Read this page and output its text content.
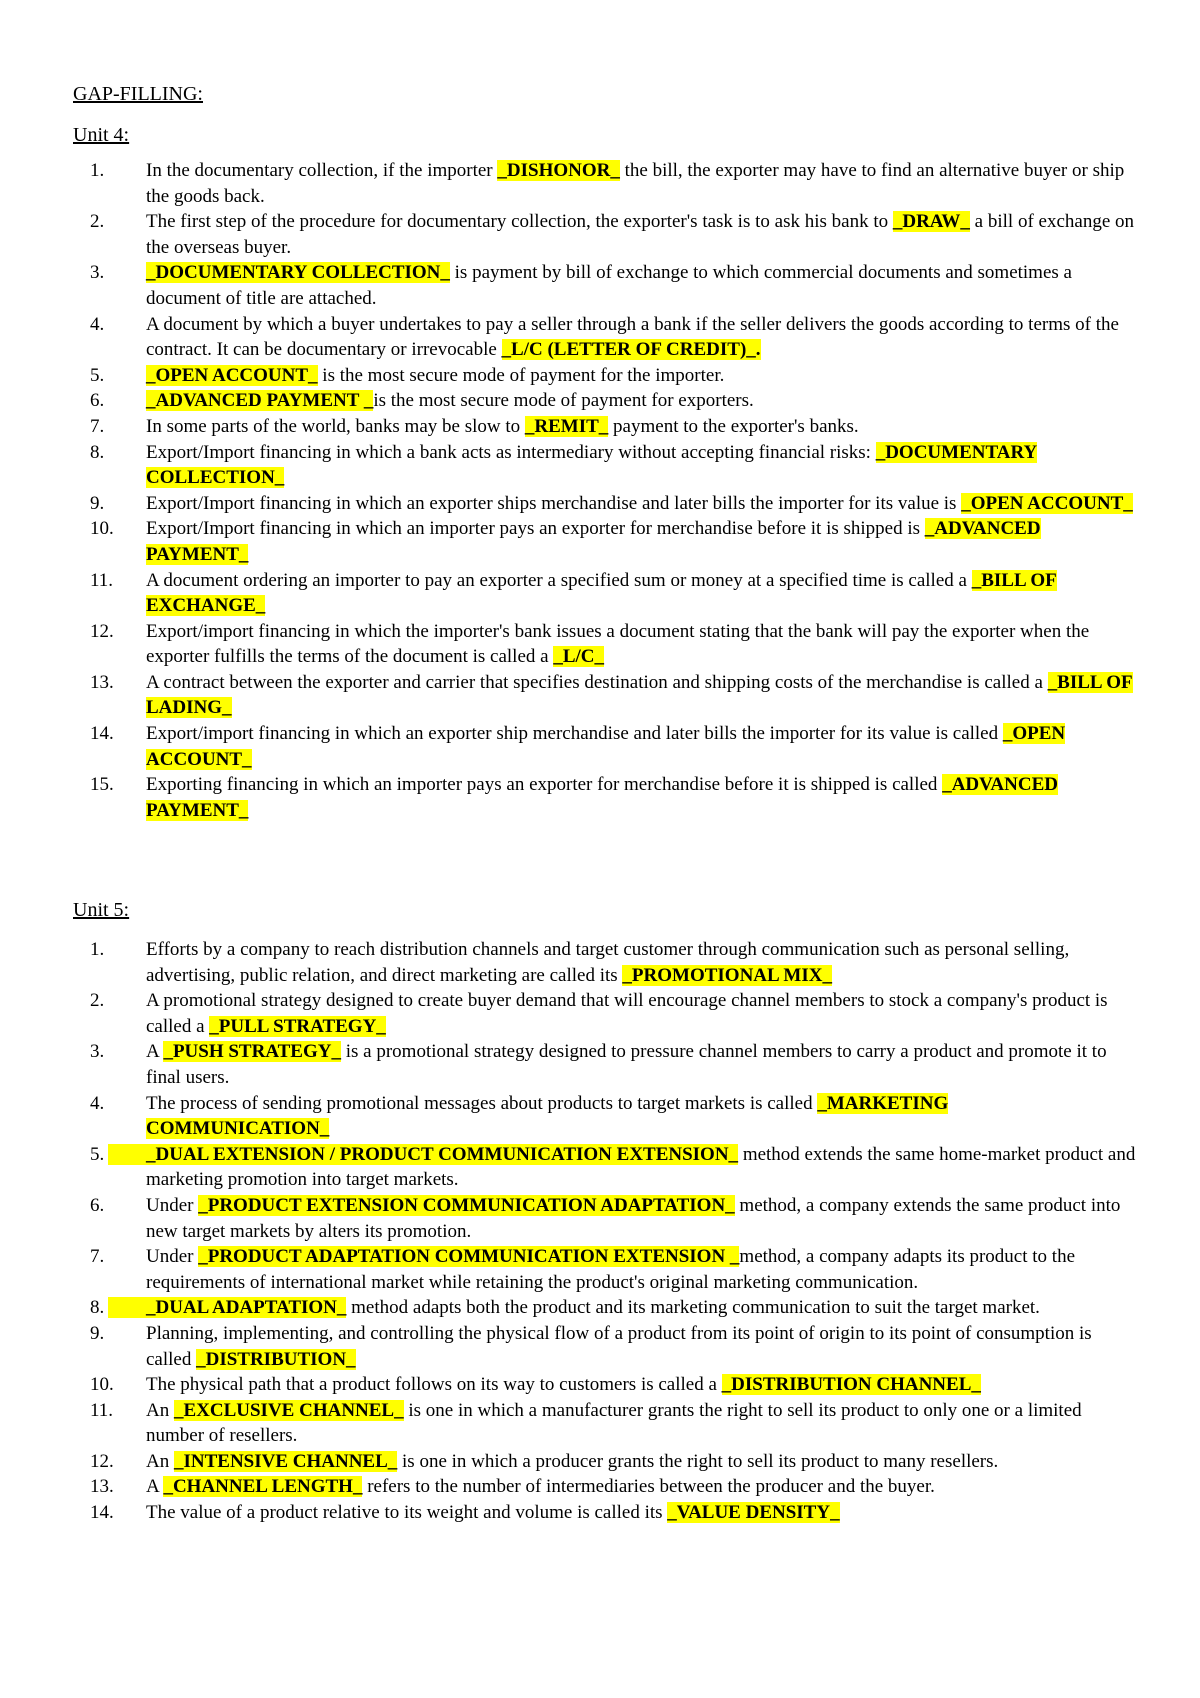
GAP-FILLING:
Unit 4:
1. In the documentary collection, if the importer _DISHONOR_ the bill, the exporter may have to find an alternative buyer or ship the goods back.
2. The first step of the procedure for documentary collection, the exporter's task is to ask his bank to _DRAW_ a bill of exchange on the overseas buyer.
3. _DOCUMENTARY COLLECTION_ is payment by bill of exchange to which commercial documents and sometimes a document of title are attached.
4. A document by which a buyer undertakes to pay a seller through a bank if the seller delivers the goods according to terms of the contract. It can be documentary or irrevocable _L/C (LETTER OF CREDIT)_.
5. _OPEN ACCOUNT_ is the most secure mode of payment for the importer.
6. _ADVANCED PAYMENT _is the most secure mode of payment for exporters.
7. In some parts of the world, banks may be slow to _REMIT_ payment to the exporter's banks.
8. Export/Import financing in which a bank acts as intermediary without accepting financial risks: _DOCUMENTARY COLLECTION_
9. Export/Import financing in which an exporter ships merchandise and later bills the importer for its value is _OPEN ACCOUNT_
10. Export/Import financing in which an importer pays an exporter for merchandise before it is shipped is _ADVANCED PAYMENT_
11. A document ordering an importer to pay an exporter a specified sum or money at a specified time is called a _BILL OF EXCHANGE_
12. Export/import financing in which the importer's bank issues a document stating that the bank will pay the exporter when the exporter fulfills the terms of the document is called a _L/C_
13. A contract between the exporter and carrier that specifies destination and shipping costs of the merchandise is called a _BILL OF LADING_
14. Export/import financing in which an exporter ship merchandise and later bills the importer for its value is called _OPEN ACCOUNT_
15. Exporting financing in which an importer pays an exporter for merchandise before it is shipped is called _ADVANCED PAYMENT_
Unit 5:
1. Efforts by a company to reach distribution channels and target customer through communication such as personal selling, advertising, public relation, and direct marketing are called its _PROMOTIONAL MIX_
2. A promotional strategy designed to create buyer demand that will encourage channel members to stock a company's product is called a _PULL STRATEGY_
3. A _PUSH STRATEGY_ is a promotional strategy designed to pressure channel members to carry a product and promote it to final users.
4. The process of sending promotional messages about products to target markets is called _MARKETING COMMUNICATION_
5. _DUAL EXTENSION / PRODUCT COMMUNICATION EXTENSION_ method extends the same home-market product and marketing promotion into target markets.
6. Under _PRODUCT EXTENSION COMMUNICATION ADAPTATION_ method, a company extends the same product into new target markets by alters its promotion.
7. Under _PRODUCT ADAPTATION COMMUNICATION EXTENSION _method, a company adapts its product to the requirements of international market while retaining the product's original marketing communication.
8. _DUAL ADAPTATION_ method adapts both the product and its marketing communication to suit the target market.
9. Planning, implementing, and controlling the physical flow of a product from its point of origin to its point of consumption is called _DISTRIBUTION_
10. The physical path that a product follows on its way to customers is called a _DISTRIBUTION CHANNEL_
11. An _EXCLUSIVE CHANNEL_ is one in which a manufacturer grants the right to sell its product to only one or a limited number of resellers.
12. An _INTENSIVE CHANNEL_ is one in which a producer grants the right to sell its product to many resellers.
13. A _CHANNEL LENGTH_ refers to the number of intermediaries between the producer and the buyer.
14. The value of a product relative to its weight and volume is called its _VALUE DENSITY_
